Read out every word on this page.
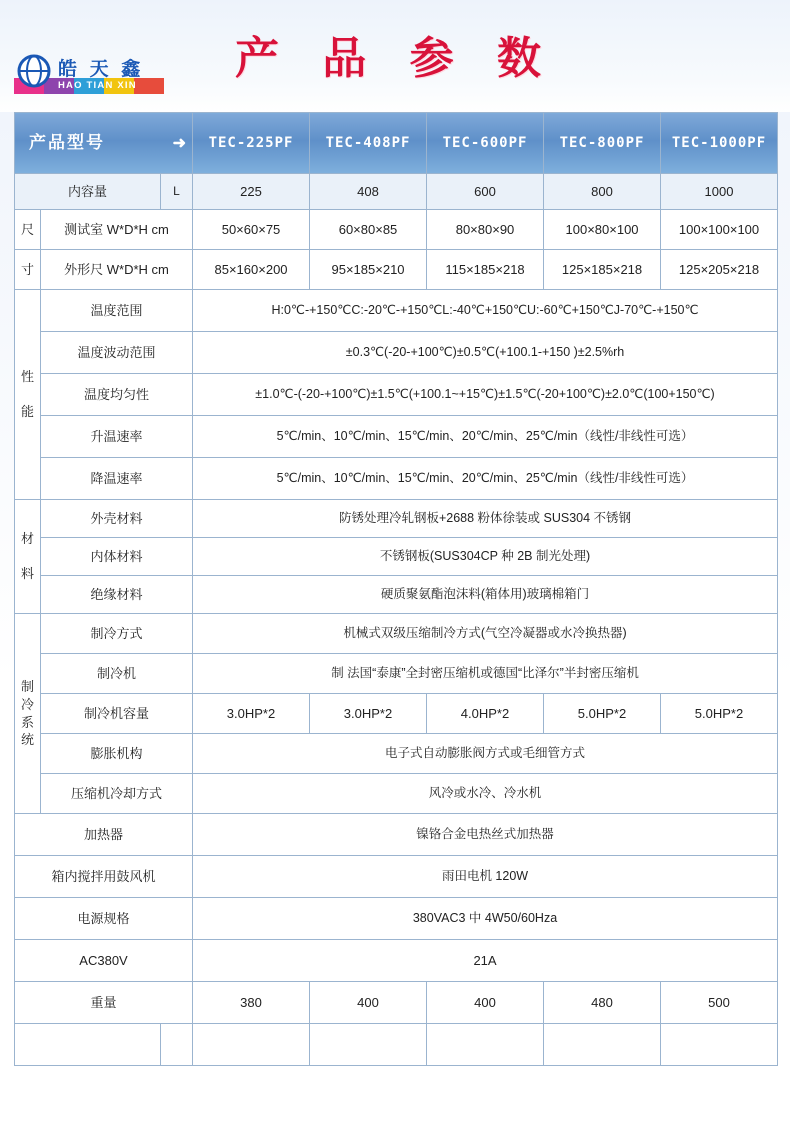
产 品 参 数
皓 天 鑫
HAO TIAN XIN
产品型号 ➜			TEC-225PF	TEC-408PF	TEC-600PF	TEC-800PF	TEC-1000PF
内容量		L	225	408	600	800	1000
尺	测试室 W*D*H cm		50×60×75	60×80×85	80×80×90	100×80×100	100×100×100
寸	外形尺 W*D*H cm		85×160×200	95×185×210	115×185×218	125×185×218	125×205×218
性

能	温度范围		H:0℃-+150℃C:-20℃-+150℃L:-40℃+150℃U:-60℃+150℃J-70℃-+150℃				
	温度波动范围		±0.3℃(-20-+100℃)±0.5℃(+100.1-+150 )±2.5%rh				
	温度均匀性		±1.0℃-(-20-+100℃)±1.5℃(+100.1~+15℃)±1.5℃(-20+100℃)±2.0℃(100+150℃)				
	升温速率		5℃/min、10℃/min、15℃/min、20℃/min、25℃/min（线性/非线性可选）				
	降温速率		5℃/min、10℃/min、15℃/min、20℃/min、25℃/min（线性/非线性可选）				
材

料	外壳材料		防锈处理冷轧钢板+2688 粉体徐装或 SUS304 不锈钢				
	内体材料		不锈钢板(SUS304CP 种 2B 制光处理)				
	绝缘材料		硬质聚氨酯泡沫料(箱体用)玻璃棉箱门				
制
冷
系
统	制冷方式		机械式双级压缩制冷方式(气空冷凝器或水冷换热器)				
	制冷机		制 法国“泰康”全封密压缩机或德国“比泽尔”半封密压缩机				
	制冷机容量		3.0HP*2	3.0HP*2	4.0HP*2	5.0HP*2	5.0HP*2
	膨胀机构		电子式自动膨胀阀方式或毛细管方式				
	压缩机冷却方式		风冷或水冷、冷水机				
加热器			镍铬合金电热丝式加热器				
箱内搅拌用鼓风机			雨田电机 120W				
电源规格			380VAC3 中 4W50/60Hza				
AC380V			21A				
重量			380	400	400	480	500
